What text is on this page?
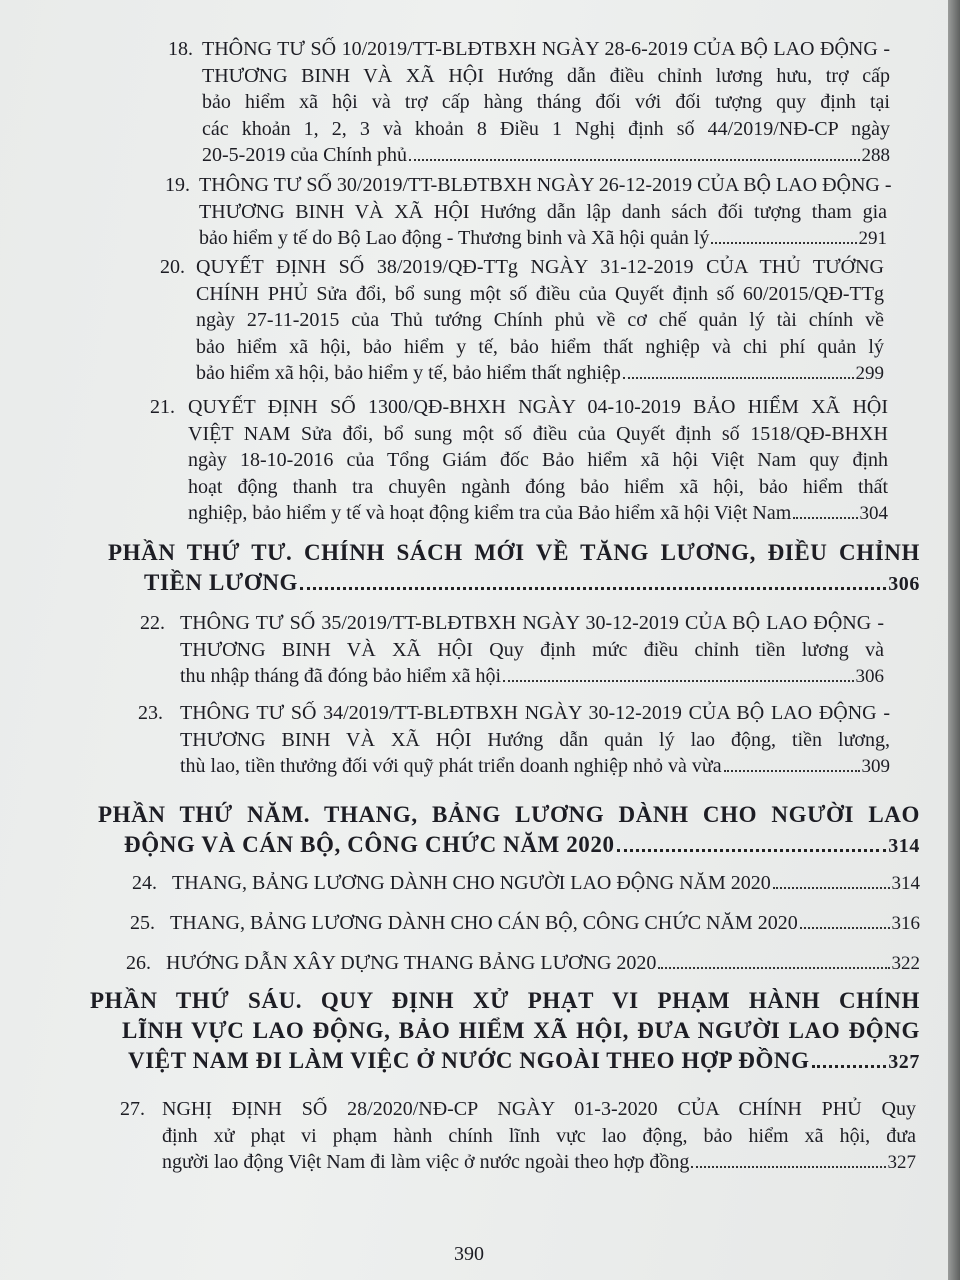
18. THÔNG TƯ SỐ 10/2019/TT-BLĐTBXH NGÀY 28-6-2019 CỦA BỘ LAO ĐỘNG -
THƯƠNG BINH VÀ XÃ HỘI Hướng dẫn điều chỉnh lương hưu, trợ cấp
bảo hiểm xã hội và trợ cấp hàng tháng đối với đối tượng quy định tại
các khoản 1, 2, 3 và khoản 8 Điều 1 Nghị định số 44/2019/NĐ-CP ngày
20-5-2019 của Chính phủ	288
19. THÔNG TƯ SỐ 30/2019/TT-BLĐTBXH NGÀY 26-12-2019 CỦA BỘ LAO ĐỘNG -
THƯƠNG BINH VÀ XÃ HỘI Hướng dẫn lập danh sách đối tượng tham gia
bảo hiểm y tế do Bộ Lao động - Thương binh và Xã hội quản lý	291
20. QUYẾT ĐỊNH SỐ 38/2019/QĐ-TTg NGÀY 31-12-2019 CỦA THỦ TƯỚNG
CHÍNH PHỦ Sửa đổi, bổ sung một số điều của Quyết định số 60/2015/QĐ-TTg
ngày 27-11-2015 của Thủ tướng Chính phủ về cơ chế quản lý tài chính về
bảo hiểm xã hội, bảo hiểm y tế, bảo hiểm thất nghiệp và chi phí quản lý
bảo hiểm xã hội, bảo hiểm y tế, bảo hiểm thất nghiệp	299
21. QUYẾT ĐỊNH SỐ 1300/QĐ-BHXH NGÀY 04-10-2019 BẢO HIỂM XÃ HỘI
VIỆT NAM Sửa đổi, bổ sung một số điều của Quyết định số 1518/QĐ-BHXH
ngày 18-10-2016 của Tổng Giám đốc Bảo hiểm xã hội Việt Nam quy định
hoạt động thanh tra chuyên ngành đóng bảo hiểm xã hội, bảo hiểm thất
nghiệp, bảo hiểm y tế và hoạt động kiểm tra của Bảo hiểm xã hội Việt Nam	304
PHẦN THỨ TƯ. CHÍNH SÁCH MỚI VỀ TĂNG LƯƠNG, ĐIỀU CHỈNH
TIỀN LƯƠNG	306
22. THÔNG TƯ SỐ 35/2019/TT-BLĐTBXH NGÀY 30-12-2019 CỦA BỘ LAO ĐỘNG -
THƯƠNG BINH VÀ XÃ HỘI Quy định mức điều chỉnh tiền lương và
thu nhập tháng đã đóng bảo hiểm xã hội	306
23. THÔNG TƯ SỐ 34/2019/TT-BLĐTBXH NGÀY 30-12-2019 CỦA BỘ LAO ĐỘNG -
THƯƠNG BINH VÀ XÃ HỘI Hướng dẫn quản lý lao động, tiền lương,
thù lao, tiền thưởng đối với quỹ phát triển doanh nghiệp nhỏ và vừa	309
PHẦN THỨ NĂM. THANG, BẢNG LƯƠNG DÀNH CHO NGƯỜI LAO
ĐỘNG VÀ CÁN BỘ, CÔNG CHỨC NĂM 2020	314
24. THANG, BẢNG LƯƠNG DÀNH CHO NGƯỜI LAO ĐỘNG NĂM 2020	314
25. THANG, BẢNG LƯƠNG DÀNH CHO CÁN BỘ, CÔNG CHỨC NĂM 2020	316
26. HƯỚNG DẪN XÂY DỰNG THANG BẢNG LƯƠNG 2020	322
PHẦN THỨ SÁU. QUY ĐỊNH XỬ PHẠT VI PHẠM HÀNH CHÍNH
LĨNH VỰC LAO ĐỘNG, BẢO HIỂM XÃ HỘI, ĐƯA NGƯỜI LAO ĐỘNG
VIỆT NAM ĐI LÀM VIỆC Ở NƯỚC NGOÀI THEO HỢP ĐỒNG	327
27. NGHỊ ĐỊNH SỐ 28/2020/NĐ-CP NGÀY 01-3-2020 CỦA CHÍNH PHỦ Quy
định xử phạt vi phạm hành chính lĩnh vực lao động, bảo hiểm xã hội, đưa
người lao động Việt Nam đi làm việc ở nước ngoài theo hợp đồng	327
390
